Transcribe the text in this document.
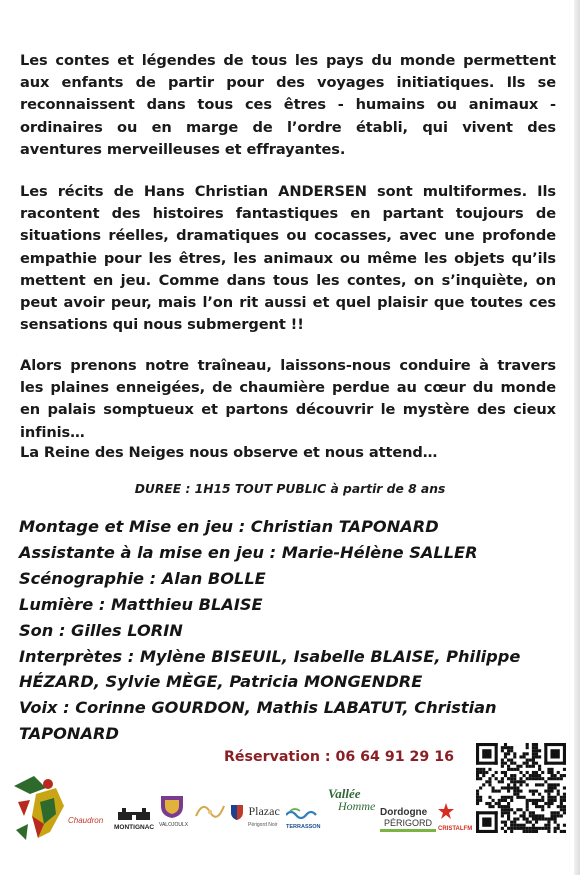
Les contes et légendes de tous les pays du monde permettent aux enfants de partir pour des voyages initiatiques. Ils se reconnaissent dans tous ces êtres - humains ou animaux - ordinaires ou en marge de l’ordre établi, qui vivent des aventures merveilleuses et effrayantes.

Les récits de Hans Christian ANDERSEN sont multiformes. Ils racontent des histoires fantastiques en partant toujours de situations réelles, dramatiques ou cocasses, avec une profonde empathie pour les êtres, les animaux ou même les objets qu’ils mettent en jeu. Comme dans tous les contes, on s’inquiète, on peut avoir peur, mais l’on rit aussi et quel plaisir que toutes ces sensations qui nous submergent !!

Alors prenons notre traîneau, laissons-nous conduire à travers les plaines enneigées, de chaumière perdue au cœur du monde en palais somptueux et partons découvrir le mystère des cieux infinis…

La Reine des Neiges nous observe et nous attend…

DUREE : 1H15 TOUT PUBLIC à partir de 8 ans

Montage et Mise en jeu : Christian TAPONARD

Assistante à la mise en jeu : Marie-Hélène SALLER

Scénographie : Alan BOLLE

Lumière : Matthieu BLAISE

Son : Gilles LORIN

Interprètes : Mylène BISEUIL, Isabelle BLAISE, Philippe HÉZARD, Sylvie MÈGE, Patricia MONGENDRE

Voix : Corinne GOURDON, Mathis LABATUT, Christian TAPONARD

Réservation : 06 64 91 29 16

Chaudron
MONTIGNAC VALOJOULX
$^{Plazac}$
Périgord Noir	TERRASSON
Vallée
Homme Dordogne
PÉRIGORD
CRISTALFM
